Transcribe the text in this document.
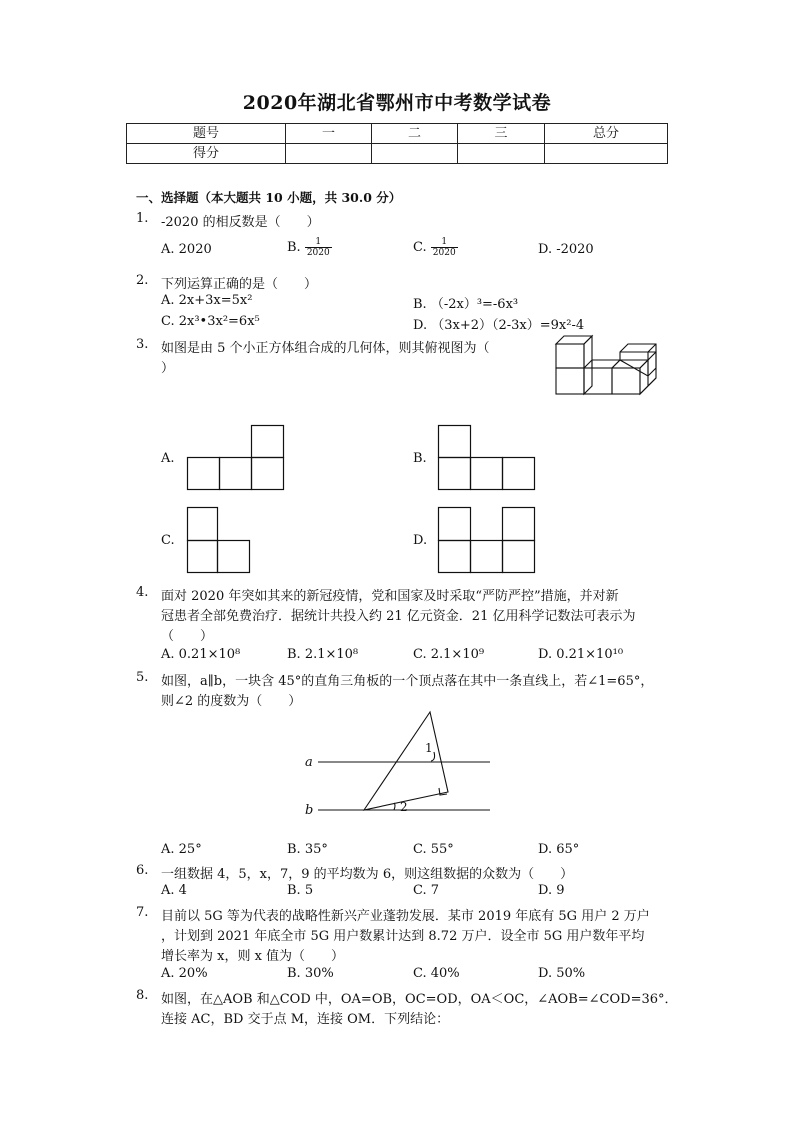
2020年湖北省鄂州市中考数学试卷
题号	一	二	三	总分
得分				
一、选择题（本大题共 10 小题，共 30.0 分）
1. -2020 的相反数是（　　）
A. 2020	B. $\frac{1}{2020}$	C. $\frac{1}{2020}$	D. -2020
2. 下列运算正确的是（　　）
A. 2x+3x=5x²	B. （-2x）³=-6x³
C. 2x³•3x²=6x⁵	D. （3x+2）（2-3x）=9x²-4
3. 如图是由 5 个小正方体组合成的几何体，则其俯视图为（
）
A.	B.
C.	D.
4. 面对 2020 年突如其来的新冠疫情，党和国家及时采取“严防严控”措施，并对新
冠患者全部免费治疗．据统计共投入约 21 亿元资金．21 亿用科学记数法可表示为
（　　）
A. 0.21×10⁸	B. 2.1×10⁸	C. 2.1×10⁹	D. 0.21×10¹⁰
5. 如图，a∥b，一块含 45°的直角三角板的一个顶点落在其中一条直线上，若∠1=65°，
则∠2 的度数为（　　）
a
b
1
2
A. 25°	B. 35°	C. 55°	D. 65°
6. 一组数据 4，5，x，7，9 的平均数为 6，则这组数据的众数为（　　）
A. 4	B. 5	C. 7	D. 9
7. 目前以 5G 等为代表的战略性新兴产业蓬勃发展．某市 2019 年底有 5G 用户 2 万户
，计划到 2021 年底全市 5G 用户数累计达到 8.72 万户．设全市 5G 用户数年平均
增长率为 x，则 x 值为（　　）
A. 20%	B. 30%	C. 40%	D. 50%
8. 如图，在△AOB 和△COD 中，OA=OB，OC=OD，OA＜OC，∠AOB=∠COD=36°．
连接 AC，BD 交于点 M，连接 OM．下列结论：
